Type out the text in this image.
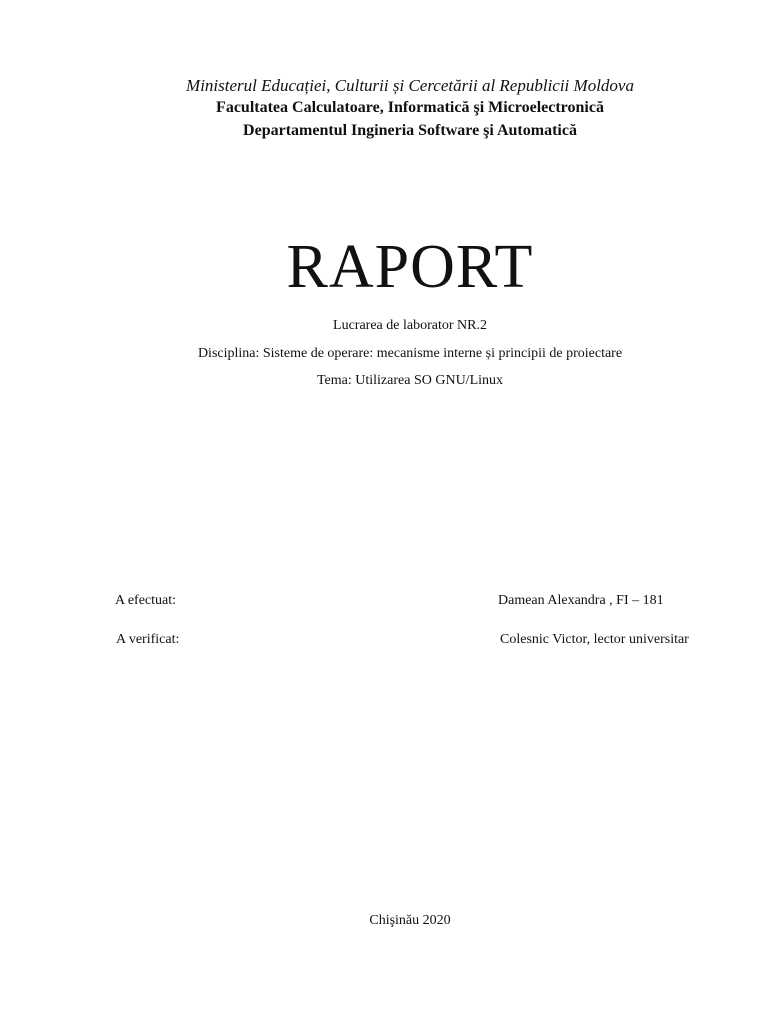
Ministerul Educației, Culturii și Cercetării al Republicii Moldova
Facultatea Calculatoare, Informatică şi Microelectronică
Departamentul Ingineria Software şi Automatică
RAPORT
Lucrarea de laborator NR.2
Disciplina: Sisteme de operare: mecanisme interne și principii de proiectare
Tema: Utilizarea SO GNU/Linux
A efectuat:	Damean Alexandra , FI – 181
A verificat:	Colesnic Victor, lector universitar
Chişinău 2020
